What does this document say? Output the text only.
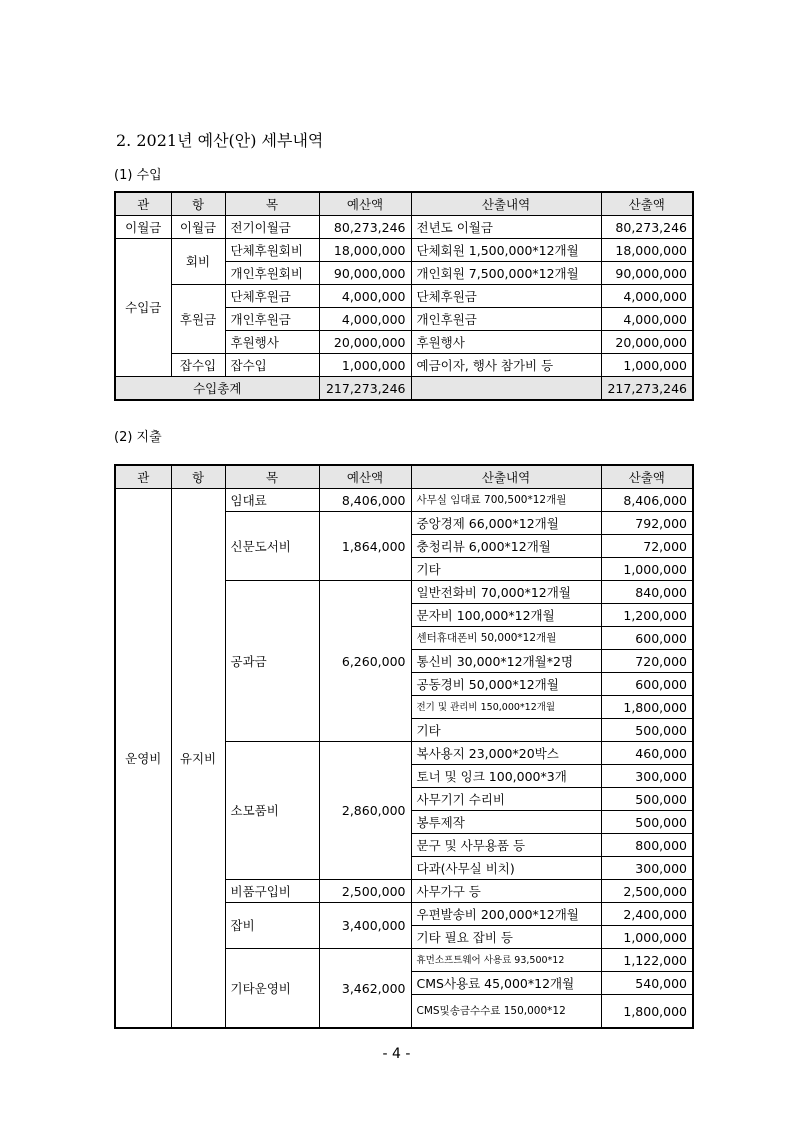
2. 2021년 예산(안) 세부내역
(1) 수입
관	항	목	예산액	산출내역	산출액
이월금	이월금	전기이월금	80,273,246	전년도 이월금	80,273,246
수입금	회비	단체후원회비	18,000,000	단체회원 1,500,000*12개월	18,000,000
		개인후원회비	90,000,000	개인회원 7,500,000*12개월	90,000,000
	후원금	단체후원금	4,000,000	단체후원금	4,000,000
		개인후원금	4,000,000	개인후원금	4,000,000
		후원행사	20,000,000	후원행사	20,000,000
	잡수입	잡수입	1,000,000	예금이자, 행사 참가비 등	1,000,000
수입총계			217,273,246		217,273,246
(2) 지출
관	항	목	예산액	산출내역	산출액
운영비	유지비	임대료	8,406,000	사무실 임대료 700,500*12개월	8,406,000
		신문도서비	1,864,000	중앙경제 66,000*12개월	792,000
				충청리뷰 6,000*12개월	72,000
				기타	1,000,000
		공과금	6,260,000	일반전화비 70,000*12개월	840,000
				문자비 100,000*12개월	1,200,000
				센터휴대폰비 50,000*12개월	600,000
				통신비 30,000*12개월*2명	720,000
				공동경비 50,000*12개월	600,000
				전기 및 관리비 150,000*12개월	1,800,000
				기타	500,000
		소모품비	2,860,000	복사용지 23,000*20박스	460,000
				토너 및 잉크 100,000*3개	300,000
				사무기기 수리비	500,000
				봉투제작	500,000
				문구 및 사무용품 등	800,000
				다과(사무실 비치)	300,000
		비품구입비	2,500,000	사무가구 등	2,500,000
		잡비	3,400,000	우편발송비 200,000*12개월	2,400,000
				기타 필요 잡비 등	1,000,000
		기타운영비	3,462,000	휴먼소프트웨어 사용료 93,500*12	1,122,000
				CMS사용료 45,000*12개월	540,000
				CMS및송금수수료 150,000*12	1,800,000
- 4 -
